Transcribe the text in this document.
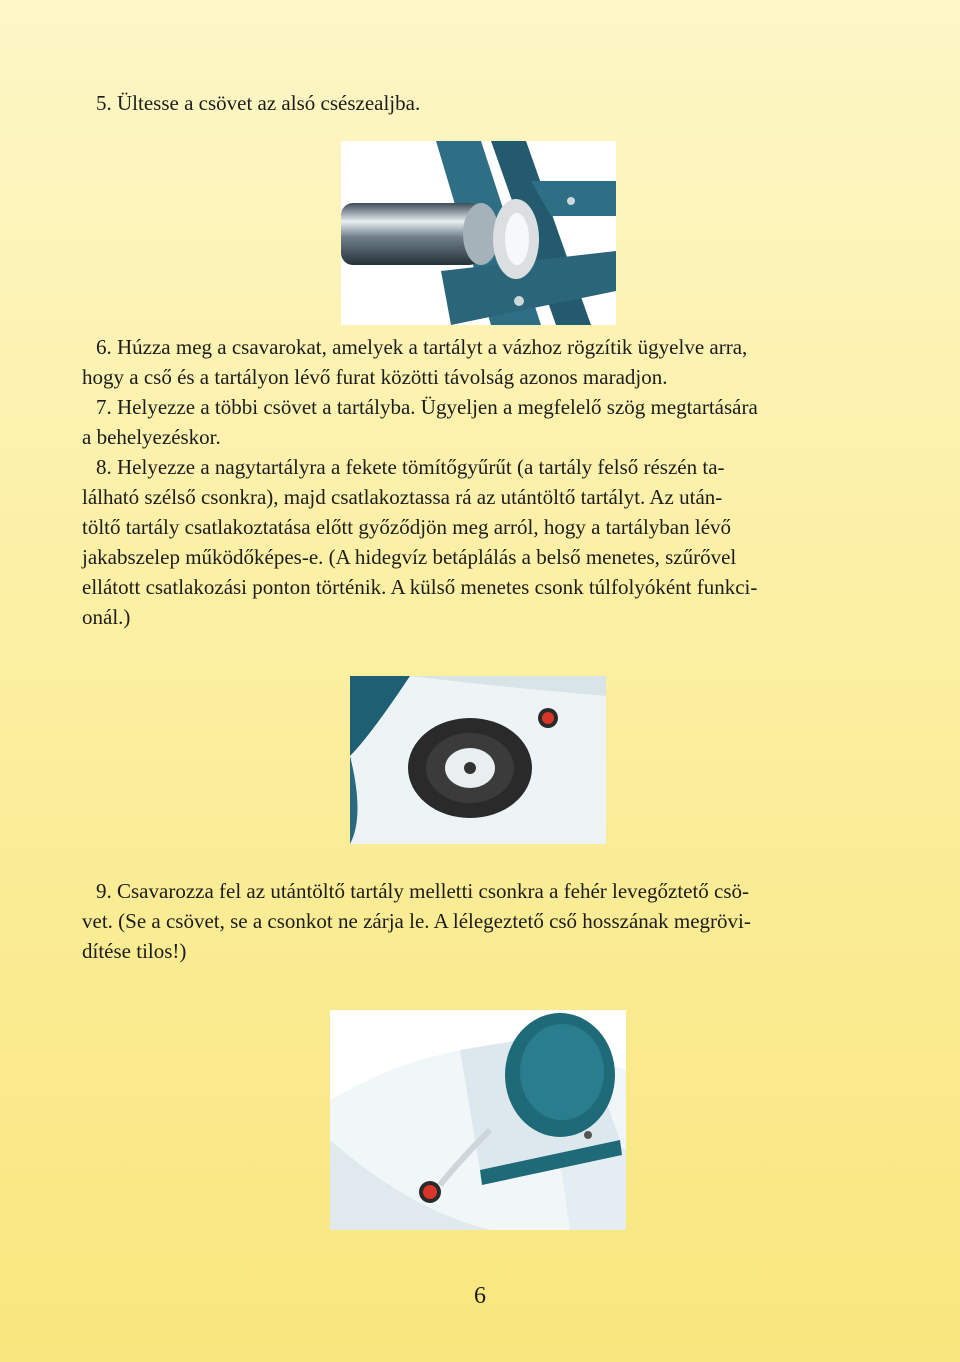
5. Ültesse a csövet az alsó csészealjba.

6. Húzza meg a csavarokat, amelyek a tartályt a vázhoz rögzítik ügyelve arra,
hogy a cső és a tartályon lévő furat közötti távolság azonos maradjon.
7. Helyezze a többi csövet a tartályba. Ügyeljen a megfelelő szög megtartására
a behelyezéskor.
8. Helyezze a nagytartályra a fekete tömítőgyűrűt (a tartály felső részén ta-
lálható szélső csonkra), majd csatlakoztassa rá az utántöltő tartályt. Az után-
töltő tartály csatlakoztatása előtt győződjön meg arról, hogy a tartályban lévő
jakabszelep működőképes-e. (A hidegvíz betáplálás a belső menetes, szűrővel
ellátott csatlakozási ponton történik. A külső menetes csonk túlfolyóként funkci-
onál.)

9. Csavarozza fel az utántöltő tartály melletti csonkra a fehér levegőztető csö-
vet. (Se a csövet, se a csonkot ne zárja le. A lélegeztető cső hosszának megrövi-
dítése tilos!)

6
